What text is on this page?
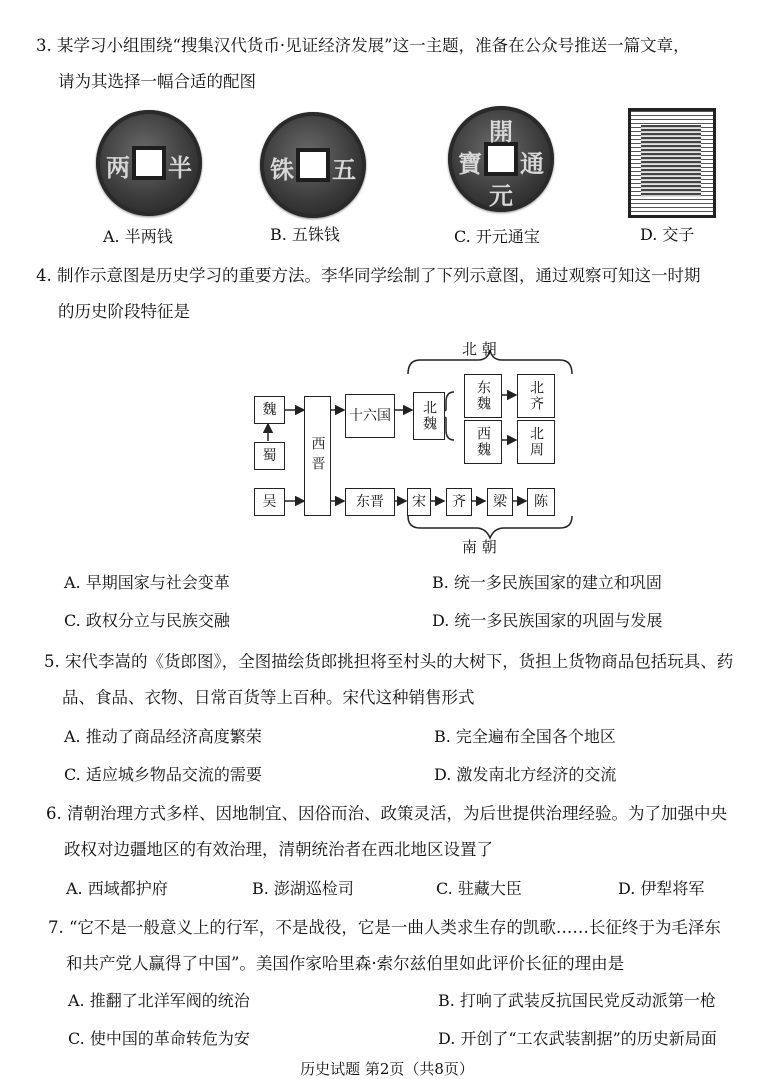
3. 某学习小组围绕“搜集汉代货币·见证经济发展”这一主题，准备在公众号推送一篇文章，
请为其选择一幅合适的配图
两 半	铢 五
開
通
寶
元
A. 半两钱	B. 五铢钱	C. 开元通宝	D. 交子
4. 制作示意图是历史学习的重要方法。李华同学绘制了下列示意图，通过观察可知这一时期
的历史阶段特征是
北 朝
南 朝
魏
蜀
吴
西晋
十六国	北魏
东魏
西魏
北齐
北周
东晋	宋	齐	梁	陈
A. 早期国家与社会变革	B. 统一多民族国家的建立和巩固
C. 政权分立与民族交融	D. 统一多民族国家的巩固与发展
5. 宋代李嵩的《货郎图》，全图描绘货郎挑担将至村头的大树下，货担上货物商品包括玩具、药
品、食品、衣物、日常百货等上百种。宋代这种销售形式
A. 推动了商品经济高度繁荣	B. 完全遍布全国各个地区
C. 适应城乡物品交流的需要	D. 激发南北方经济的交流
6. 清朝治理方式多样、因地制宜、因俗而治、政策灵活，为后世提供治理经验。为了加强中央
政权对边疆地区的有效治理，清朝统治者在西北地区设置了
A. 西域都护府	B. 澎湖巡检司	C. 驻藏大臣	D. 伊犁将军
7. “它不是一般意义上的行军，不是战役，它是一曲人类求生存的凯歌……长征终于为毛泽东
和共产党人赢得了中国”。美国作家哈里森·索尔兹伯里如此评价长征的理由是
A. 推翻了北洋军阀的统治	B. 打响了武装反抗国民党反动派第一枪
C. 使中国的革命转危为安	D. 开创了“工农武装割据”的历史新局面
历史试题 第2页（共8页）
